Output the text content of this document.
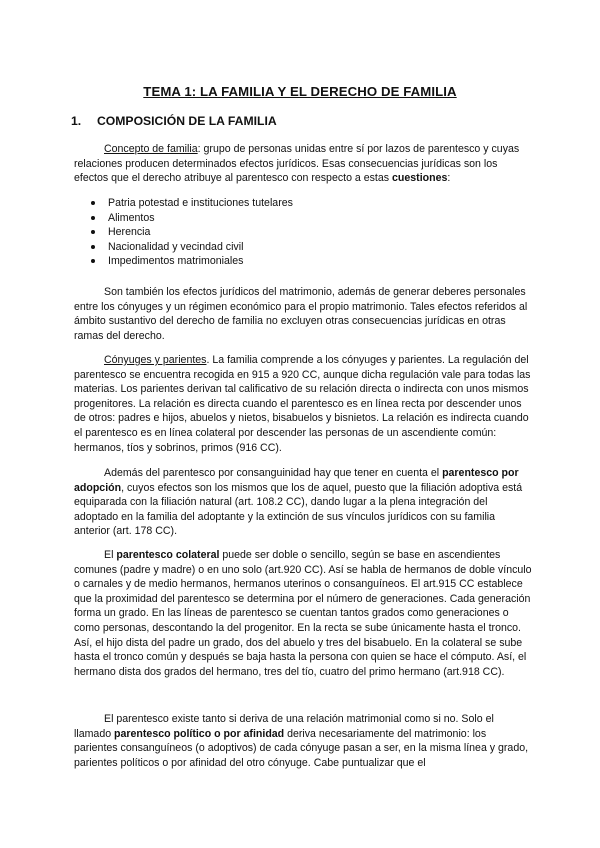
TEMA 1: LA FAMILIA Y EL DERECHO DE FAMILIA
1. COMPOSICIÓN DE LA FAMILIA

Concepto de familia: grupo de personas unidas entre sí por lazos de parentesco y cuyas relaciones producen determinados efectos jurídicos. Esas consecuencias jurídicas son los efectos que el derecho atribuye al parentesco con respecto a estas cuestiones:

Patria potestad e instituciones tutelares
Alimentos
Herencia
Nacionalidad y vecindad civil
Impedimentos matrimoniales

Son también los efectos jurídicos del matrimonio, además de generar deberes personales entre los cónyuges y un régimen económico para el propio matrimonio. Tales efectos referidos al ámbito sustantivo del derecho de familia no excluyen otras consecuencias jurídicas en otras ramas del derecho.

Cónyuges y parientes. La familia comprende a los cónyuges y parientes. La regulación del parentesco se encuentra recogida en 915 a 920 CC, aunque dicha regulación vale para todas las materias. Los parientes derivan tal calificativo de su relación directa o indirecta con unos mismos progenitores. La relación es directa cuando el parentesco es en línea recta por descender unos de otros: padres e hijos, abuelos y nietos, bisabuelos y bisnietos. La relación es indirecta cuando el parentesco es en línea colateral por descender las personas de un ascendiente común: hermanos, tíos y sobrinos, primos (916 CC).

Además del parentesco por consanguinidad hay que tener en cuenta el parentesco por adopción, cuyos efectos son los mismos que los de aquel, puesto que la filiación adoptiva está equiparada con la filiación natural (art. 108.2 CC), dando lugar a la plena integración del adoptado en la familia del adoptante y la extinción de sus vínculos jurídicos con su familia anterior (art. 178 CC).

El parentesco colateral puede ser doble o sencillo, según se base en ascendientes comunes (padre y madre) o en uno solo (art.920 CC). Así se habla de hermanos de doble vínculo o carnales y de medio hermanos, hermanos uterinos o consanguíneos. El art.915 CC establece que la proximidad del parentesco se determina por el número de generaciones. Cada generación forma un grado. En las líneas de parentesco se cuentan tantos grados como generaciones o como personas, descontando la del progenitor. En la recta se sube únicamente hasta el tronco. Así, el hijo dista del padre un grado, dos del abuelo y tres del bisabuelo. En la colateral se sube hasta el tronco común y después se baja hasta la persona con quien se hace el cómputo. Así, el hermano dista dos grados del hermano, tres del tío, cuatro del primo hermano (art.918 CC).

El parentesco existe tanto si deriva de una relación matrimonial como si no. Solo el llamado parentesco político o por afinidad deriva necesariamente del matrimonio: los parientes consanguíneos (o adoptivos) de cada cónyuge pasan a ser, en la misma línea y grado, parientes políticos o por afinidad del otro cónyuge. Cabe puntualizar que el
